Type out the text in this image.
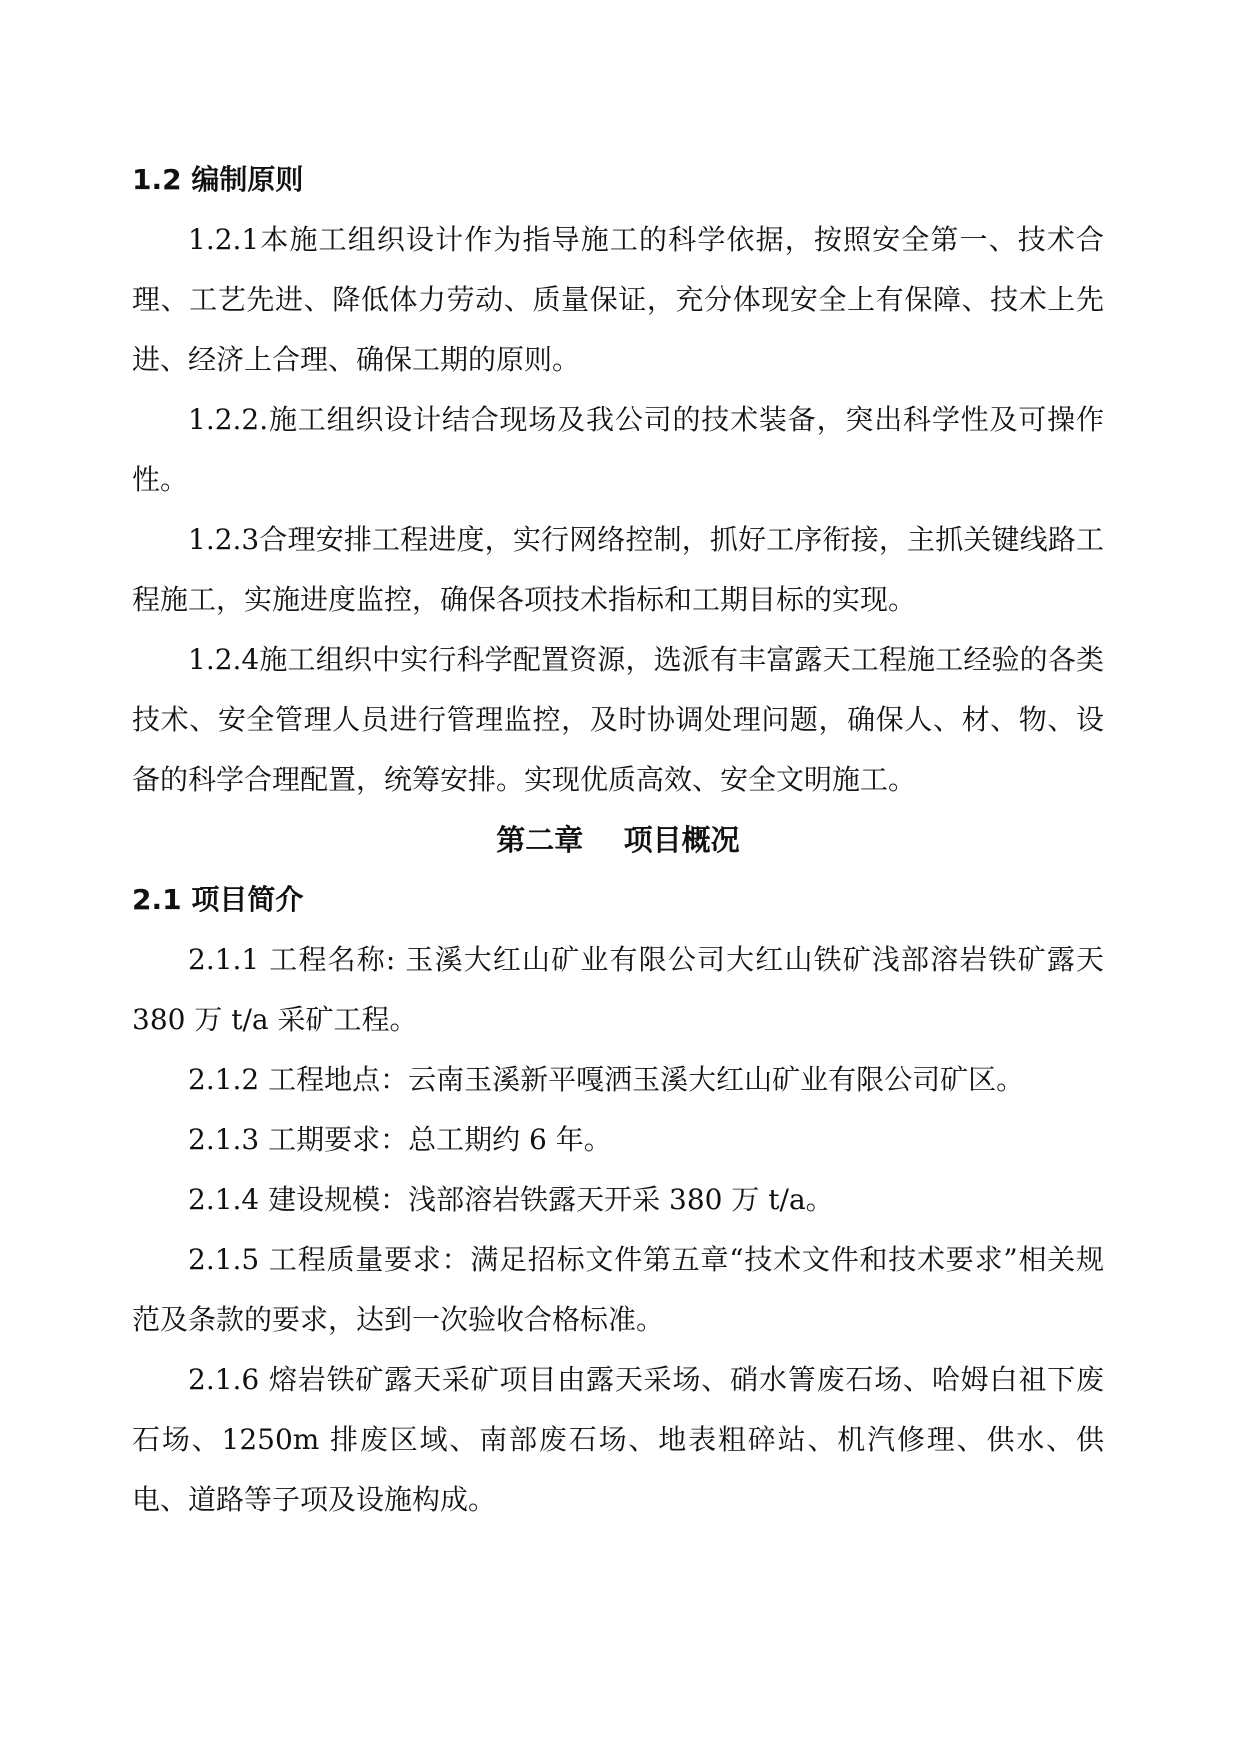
1.2 编制原则

1.2.1本施工组织设计作为指导施工的科学依据，按照安全第一、技术合理、工艺先进、降低体力劳动、质量保证，充分体现安全上有保障、技术上先进、经济上合理、确保工期的原则。

1.2.2.施工组织设计结合现场及我公司的技术装备，突出科学性及可操作性。

1.2.3合理安排工程进度，实行网络控制，抓好工序衔接，主抓关键线路工程施工，实施进度监控，确保各项技术指标和工期目标的实现。

1.2.4施工组织中实行科学配置资源，选派有丰富露天工程施工经验的各类技术、安全管理人员进行管理监控，及时协调处理问题，确保人、材、物、设备的科学合理配置，统筹安排。实现优质高效、安全文明施工。

第二章    项目概况
2.1 项目简介

2.1.1 工程名称: 玉溪大红山矿业有限公司大红山铁矿浅部溶岩铁矿露天 380 万 t/a 采矿工程。

2.1.2 工程地点：云南玉溪新平嘎洒玉溪大红山矿业有限公司矿区。

2.1.3 工期要求：总工期约 6 年。

2.1.4 建设规模：浅部溶岩铁露天开采 380 万 t/a。

2.1.5 工程质量要求：满足招标文件第五章“技术文件和技术要求”相关规范及条款的要求，达到一次验收合格标准。

2.1.6 熔岩铁矿露天采矿项目由露天采场、硝水箐废石场、哈姆白祖下废石场、1250m 排废区域、南部废石场、地表粗碎站、机汽修理、供水、供电、道路等子项及设施构成。
